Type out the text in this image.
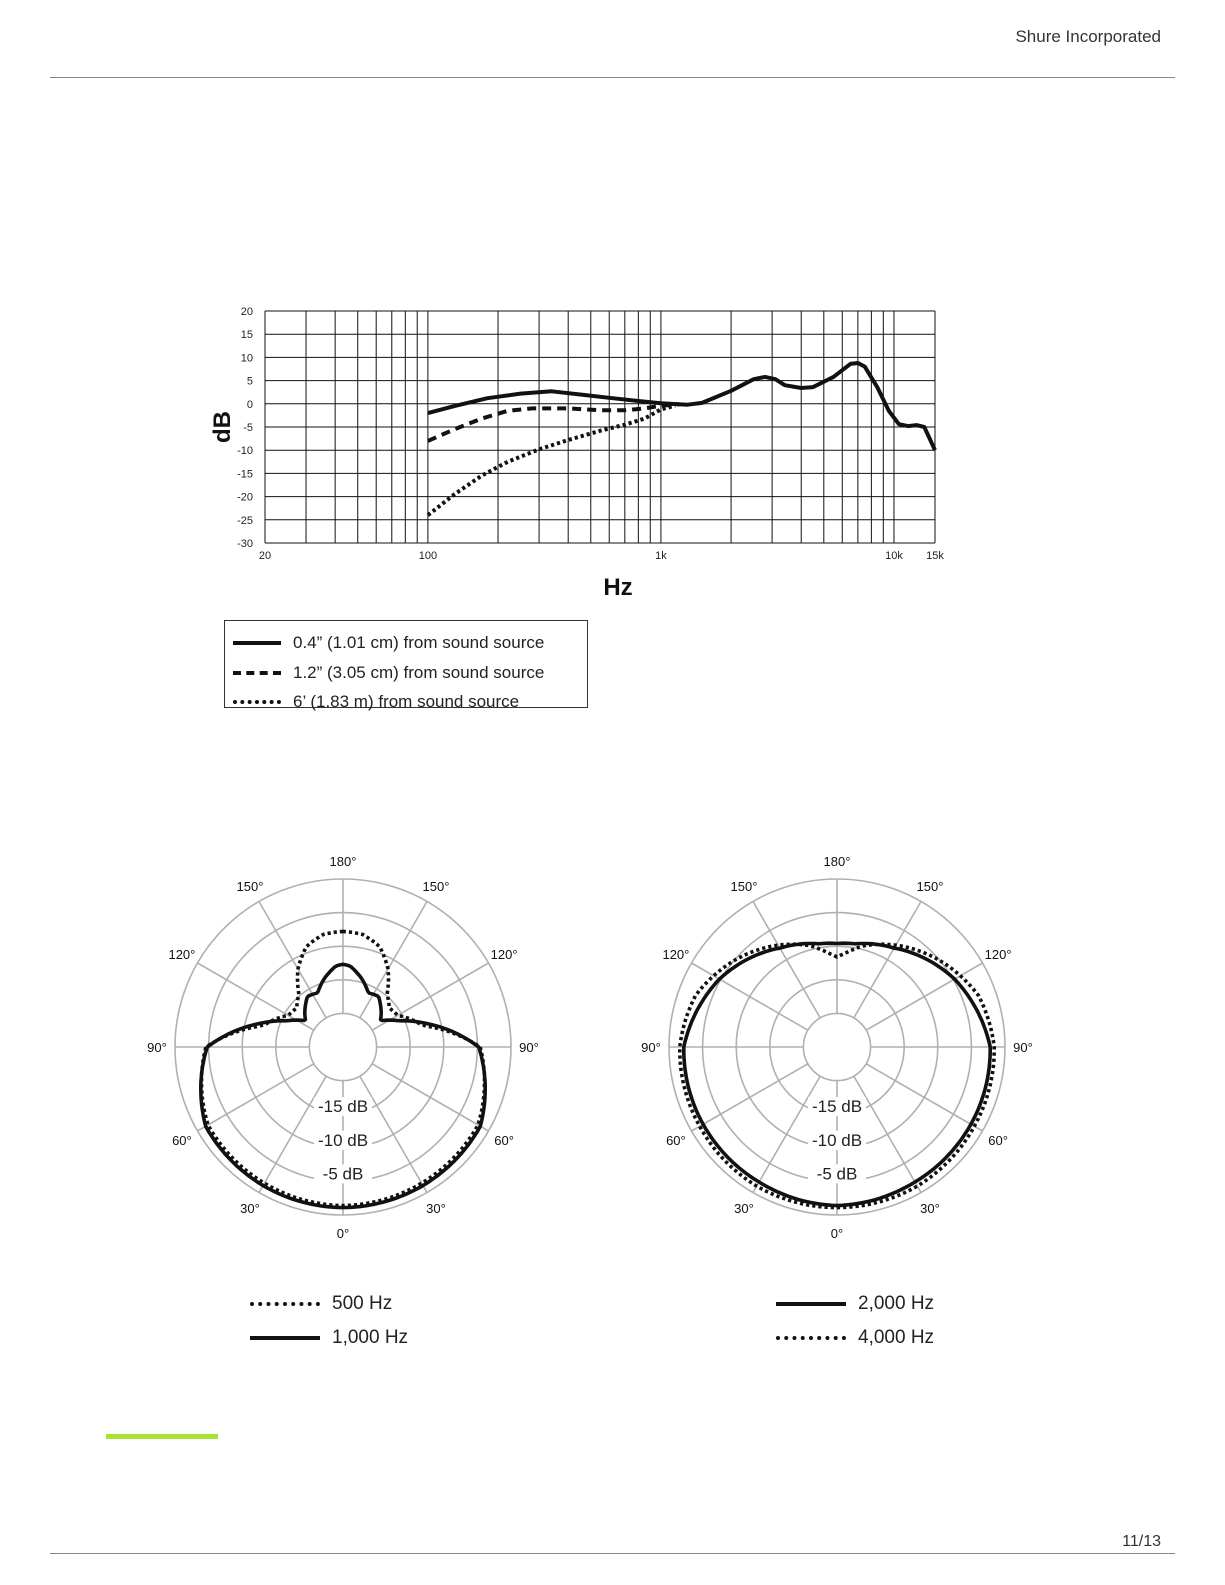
Shure Incorporated
20
15
10
5
0
-5
-10
-15
-20
-25
-30
20	100	1k	10k 15k
dB
Hz
0.4” (1.01 cm) from sound source
1.2” (3.05 cm) from sound source
6’ (1.83 m) from sound source
180°
150°
150°
120°
120°
90°
90°
60°
60°
30°
30°
0°
-15 dB
-10 dB
-5 dB
180°
150°
150°
120°
120°
90°
90°
60°
60°
30°
30°
0°
-15 dB
-10 dB
-5 dB
500 Hz
1,000 Hz
2,000 Hz
4,000 Hz
11/13
